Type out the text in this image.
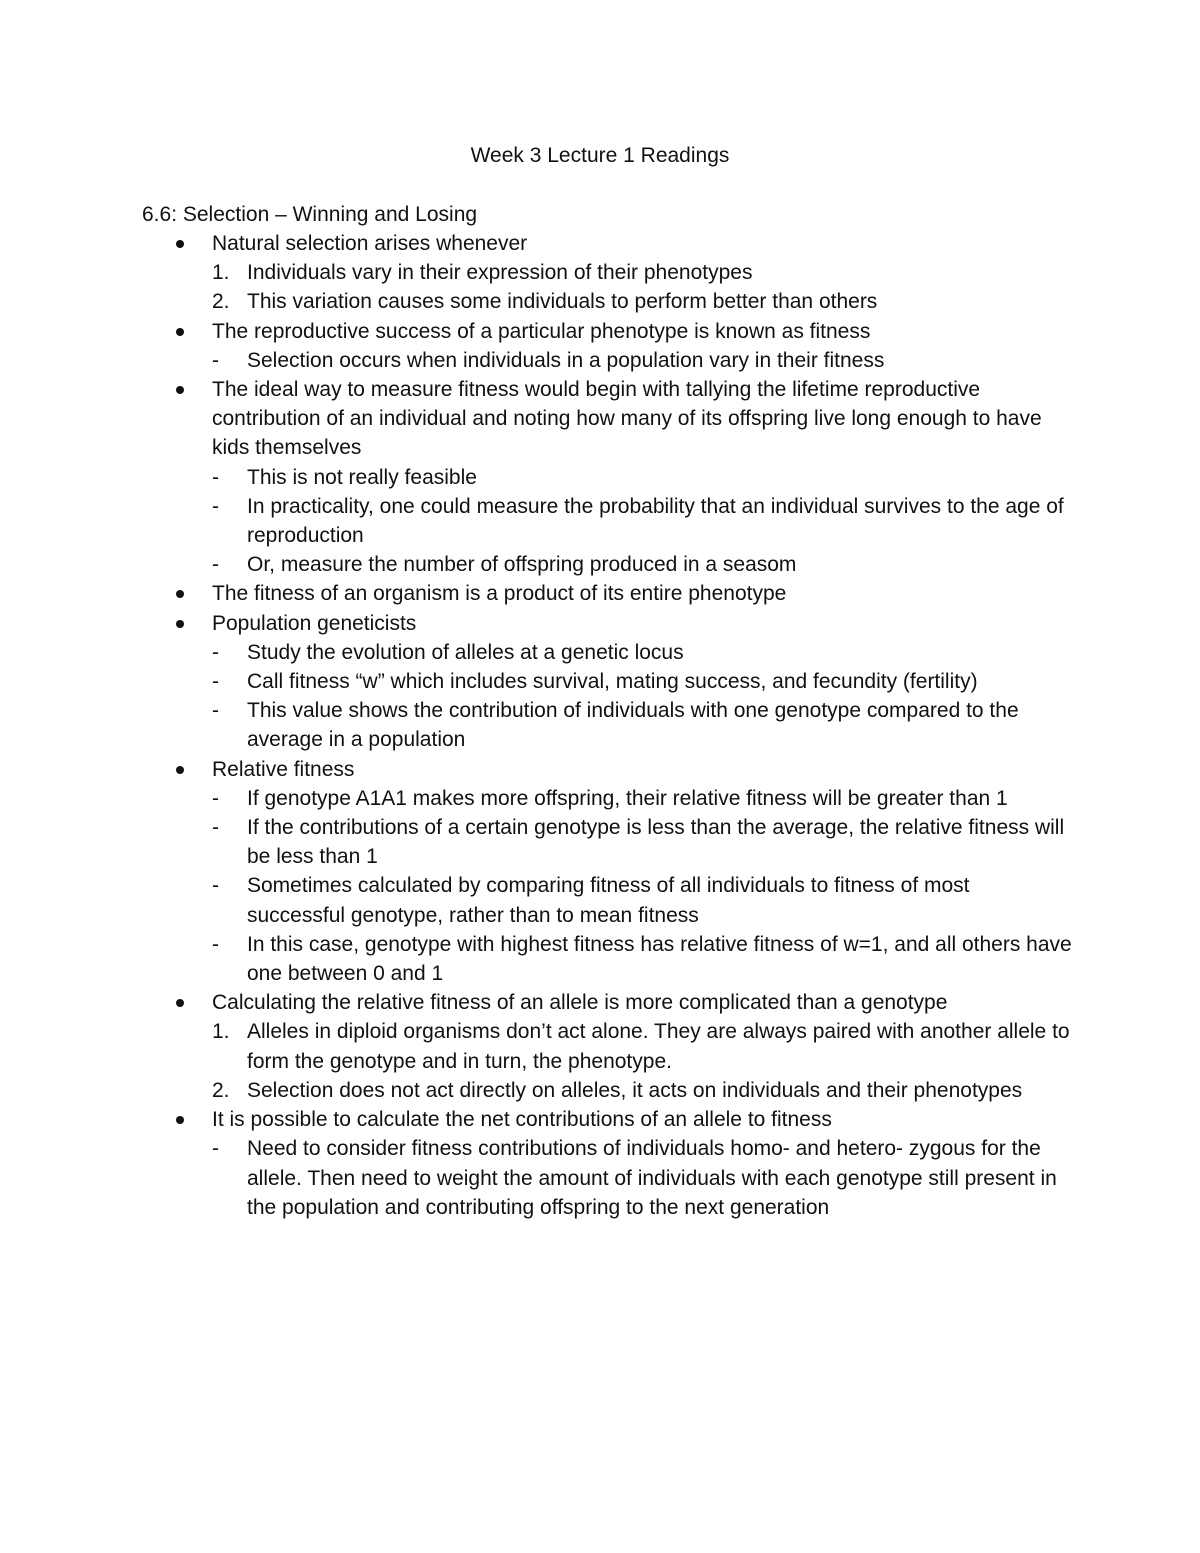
Week 3 Lecture 1 Readings
6.6: Selection – Winning and Losing
Natural selection arises whenever
1. Individuals vary in their expression of their phenotypes
2. This variation causes some individuals to perform better than others
The reproductive success of a particular phenotype is known as fitness
-	Selection occurs when individuals in a population vary in their fitness
The ideal way to measure fitness would begin with tallying the lifetime reproductive contribution of an individual and noting how many of its offspring live long enough to have kids themselves
-	This is not really feasible
-	In practicality, one could measure the probability that an individual survives to the age of reproduction
-	Or, measure the number of offspring produced in a seasom
The fitness of an organism is a product of its entire phenotype
Population geneticists
-	Study the evolution of alleles at a genetic locus
-	Call fitness “w” which includes survival, mating success, and fecundity (fertility)
-	This value shows the contribution of individuals with one genotype compared to the average in a population
Relative fitness
-	If genotype A1A1 makes more offspring, their relative fitness will be greater than 1
-	If the contributions of a certain genotype is less than the average, the relative fitness will be less than 1
-	Sometimes calculated by comparing fitness of all individuals to fitness of most successful genotype, rather than to mean fitness
-	In this case, genotype with highest fitness has relative fitness of w=1, and all others have one between 0 and 1
Calculating the relative fitness of an allele is more complicated than a genotype
1. Alleles in diploid organisms don’t act alone. They are always paired with another allele to form the genotype and in turn, the phenotype.
2. Selection does not act directly on alleles, it acts on individuals and their phenotypes
It is possible to calculate the net contributions of an allele to fitness
-	Need to consider fitness contributions of individuals homo- and hetero- zygous for the allele. Then need to weight the amount of individuals with each genotype still present in the population and contributing offspring to the next generation
